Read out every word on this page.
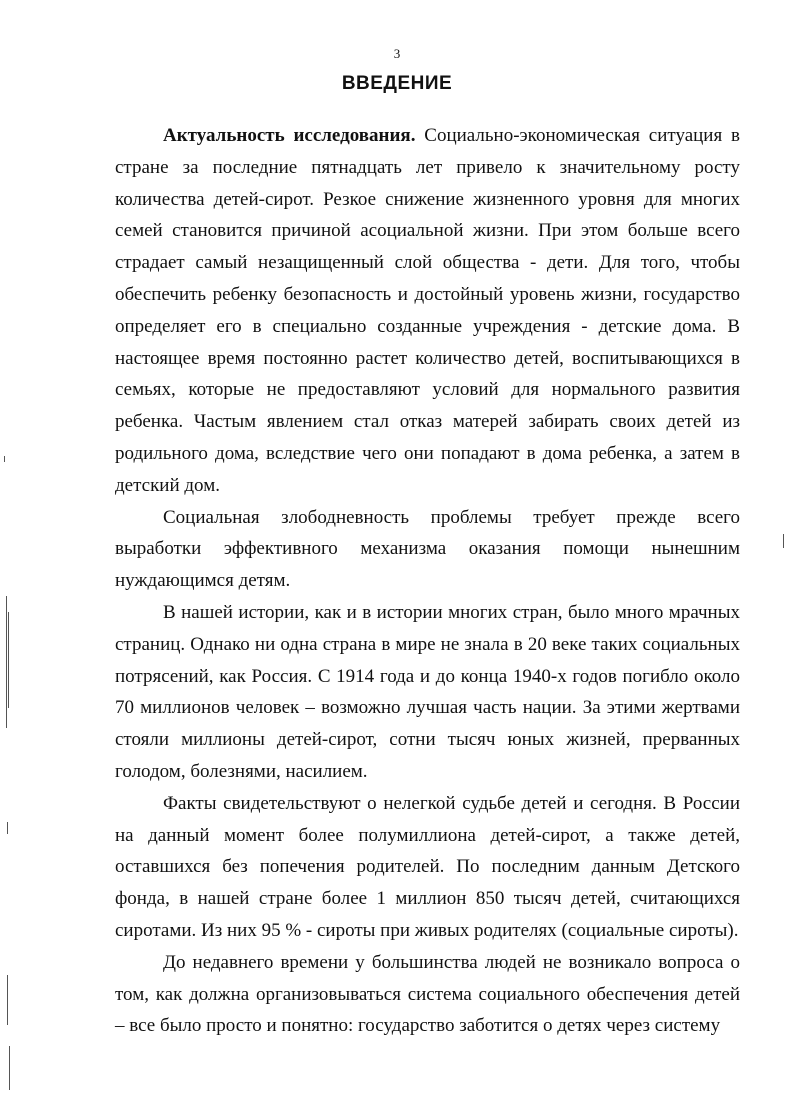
3
ВВЕДЕНИЕ

Актуальность исследования. Социально-экономическая ситуация в стране за последние пятнадцать лет привело к значительному росту количества детей-сирот. Резкое снижение жизненного уровня для многих семей становится причиной асоциальной жизни. При этом больше всего страдает самый незащищенный слой общества - дети. Для того, чтобы обеспечить ребенку безопасность и достойный уровень жизни, государство определяет его в специально созданные учреждения - детские дома. В настоящее время постоянно растет количество детей, воспитывающихся в семьях, которые не предоставляют условий для нормального развития ребенка. Частым явлением стал отказ матерей забирать своих детей из родильного дома, вследствие чего они попадают в дома ребенка, а затем в детский дом.

Социальная злободневность проблемы требует прежде всего выработки эффективного механизма оказания помощи нынешним нуждающимся детям.

В нашей истории, как и в истории многих стран, было много мрачных страниц. Однако ни одна страна в мире не знала в 20 веке таких социальных потрясений, как Россия. С 1914 года и до конца 1940-х годов погибло около 70 миллионов человек – возможно лучшая часть нации. За этими жертвами стояли миллионы детей-сирот, сотни тысяч юных жизней, прерванных голодом, болезнями, насилием.

Факты свидетельствуют о нелегкой судьбе детей и сегодня. В России на данный момент более полумиллиона детей-сирот, а также детей, оставшихся без попечения родителей. По последним данным Детского фонда, в нашей стране более 1 миллион 850 тысяч детей, считающихся сиротами. Из них 95 % - сироты при живых родителях (социальные сироты).

До недавнего времени у большинства людей не возникало вопроса о том, как должна организовываться система социального обеспечения детей – все было просто и понятно: государство заботится о детях через систему
